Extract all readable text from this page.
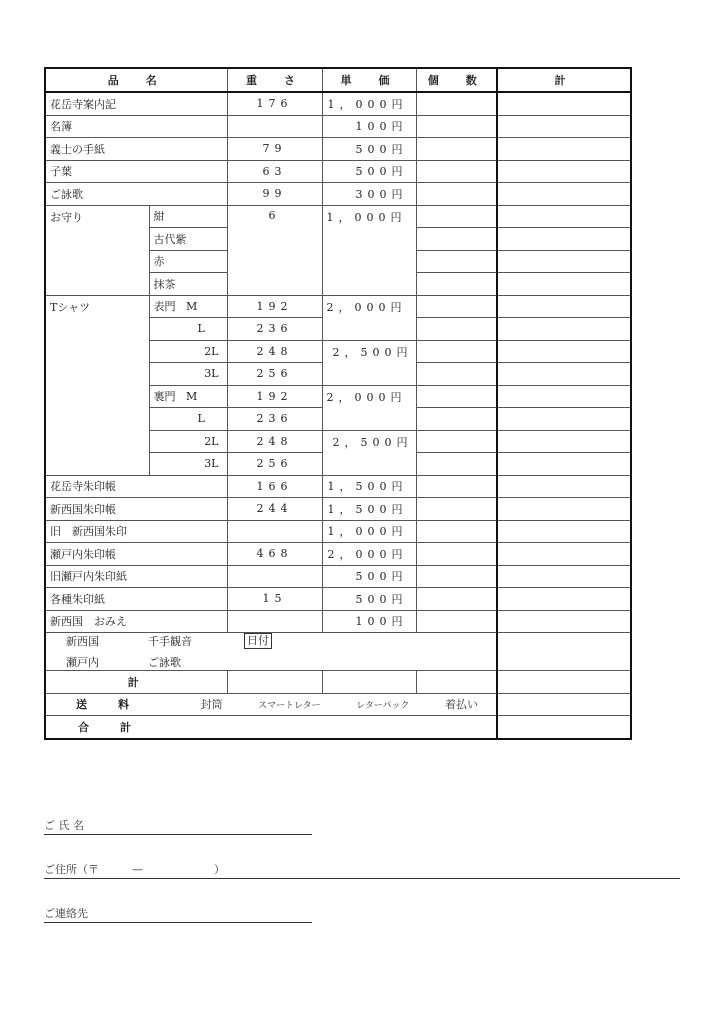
品　名		重　さ	単　価	個　数	計
花岳寺案内記		176	1，000円		
名簿			100円		
義士の手紙		79	500円		
子葉		63	500円		
ご詠歌		99	300円		
お守り	紺	6	1，000円		
	古代紫				
	赤				
	抹茶				
Tシャツ	表門 M	192	2，000円		
	L	236			
	2L	248	2，500円		
	3L	256			
	裏門 M	192	2，000円		
	L	236			
	2L	248	2，500円		
	3L	256			
花岳寺朱印帳		166	1，500円		
新西国朱印帳		244	1，500円		
旧　新西国朱印			1，000円		
瀬戸内朱印帳		468	2，000円		
旧瀬戸内朱印紙			500円		
各種朱印紙		15	500円		
新西国　おみえ			100円		

新西国 千手観音 日付
瀬戸内 ご詠歌					

計					

送　料 封筒 スマートレター レターパック 着払い					

合　計					
ご 氏 名
ご住所（〒	—	）
ご連絡先
